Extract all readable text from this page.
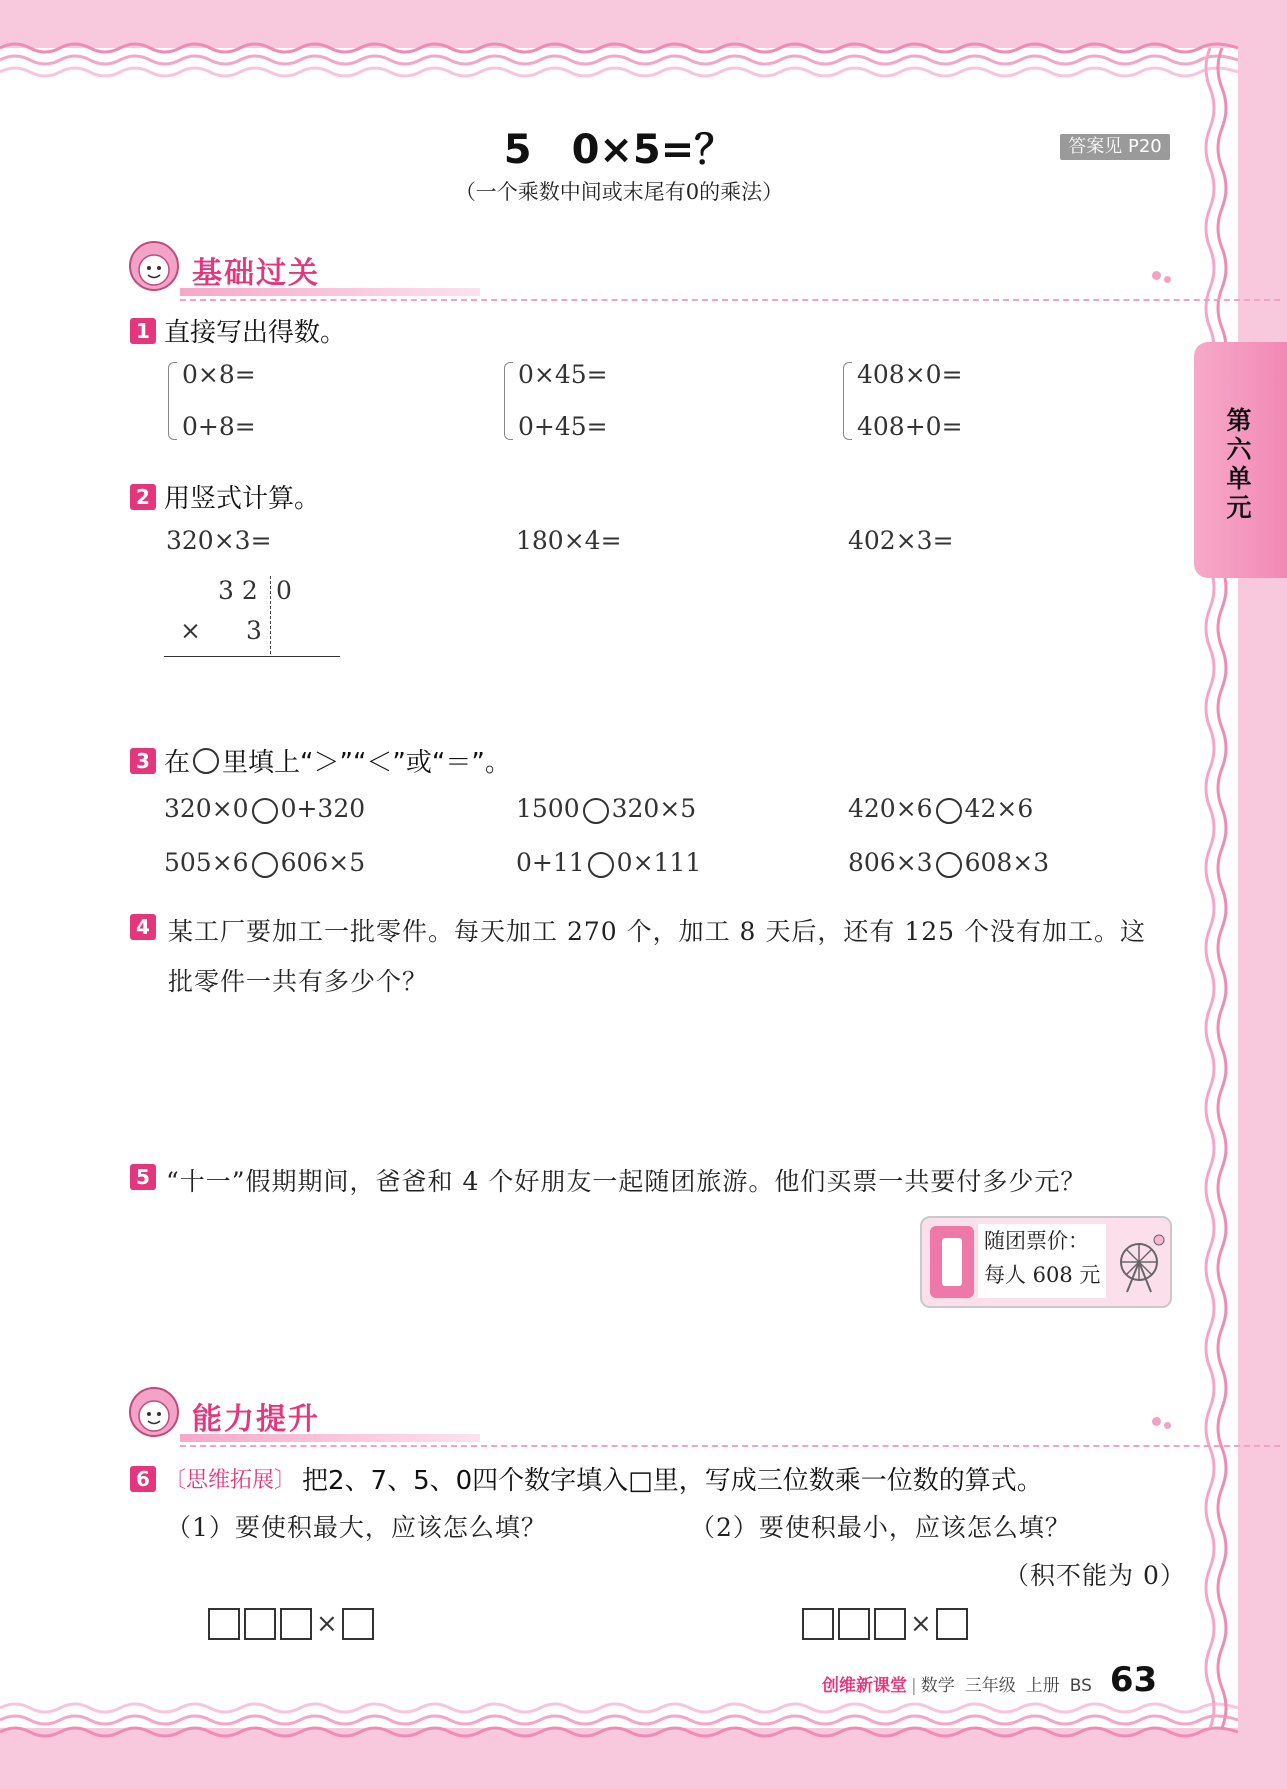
5　0×5=？
（一个乘数中间或末尾有0的乘法）
答案见 P20
第六单元
基础过关
1 直接写出得数。
0×8=
0+8=
0×45=
0+45=
408×0=
408+0=
2 用竖式计算。
320×3=	180×4=	402×3=
3 2 0
× 3
3 在 里填上“＞”“＜”或“＝”。
320×0 0+320	1500 320×5	420×6 42×6
505×6 606×5	0+11 0×111	806×3 608×3
4 某工厂要加工一批零件。每天加工 270 个，加工 8 天后，还有 125 个没有加工。这
批零件一共有多少个？
5 “十一”假期期间，爸爸和 4 个好朋友一起随团旅游。他们买票一共要付多少元？
随团票价：
每人 608 元
能力提升
6 〔思维拓展〕 把2、7、5、0四个数字填入□里，写成三位数乘一位数的算式。
（1）要使积最大，应该怎么填？	（2）要使积最小，应该怎么填？
（积不能为 0）
×	×
创维新课堂 | 数学 三年级 上册 BS 63
